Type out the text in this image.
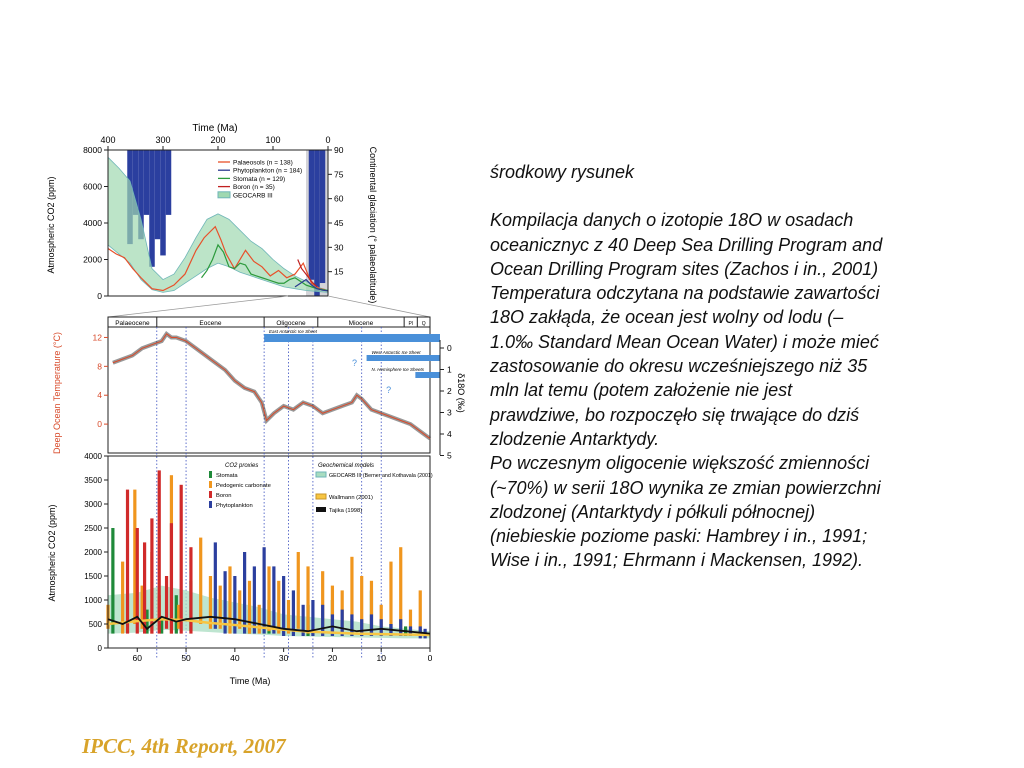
Time (Ma)
Atmospheric CO2 (ppm)	Continental glaciation (° palaeolatitude)
400	300	200	100	0
0
2000
4000
6000
8000
15
30
45
60
75
90
Palaeosols (n = 138)
Phytoplankton (n = 184)
Stomata (n = 129)
Boron (n = 35)
GEOCARB III
Deep Ocean Temperature (°C)	δ18O (‰)
Palaeocene	Eocene	Oligocene	Miocene	Pl Q
East Antarctic Ice Sheet
West Antarctic Ice Sheet
N. Hemisphere Ice Sheets
?
?
12
8
4
0
0
1
2
3
4
5
Time (Ma)
Atmospheric CO2 (ppm)
0
500
1000
1500
2000
2500
3000
3500
4000
60	50	40	30	20	10	0
CO2 proxies	Geochemical models
Stomata
Pedogenic carbonate
Boron
Phytoplankton
GEOCARB III (Berner and Kothavala (2001)
Wallmann (2001)
Tajika (1998)

środkowy rysunek

Kompilacja danych o izotopie 18O w osadach

oceanicznyc z 40 Deep Sea Drilling Program and

Ocean Drilling Program sites (Zachos i in., 2001)

Temperatura odczytana na podstawie zawartości

18O zakłąda, że ocean jest wolny od lodu (–

1.0‰ Standard Mean Ocean Water) i może mieć

zastosowanie do okresu wcześniejszego niż 35

mln lat temu (potem założenie nie jest

prawdziwe, bo rozpoczęło się trwające do dziś

zlodzenie Antarktydy.

Po wczesnym oligocenie większość zmienności

(~70%) w serii 18O wynika ze zmian powierzchni

zlodzonej (Antarktydy i półkuli północnej)

(niebieskie poziome paski: Hambrey i in., 1991;

Wise i in., 1991; Ehrmann i Mackensen, 1992).

IPCC, 4th Report, 2007
